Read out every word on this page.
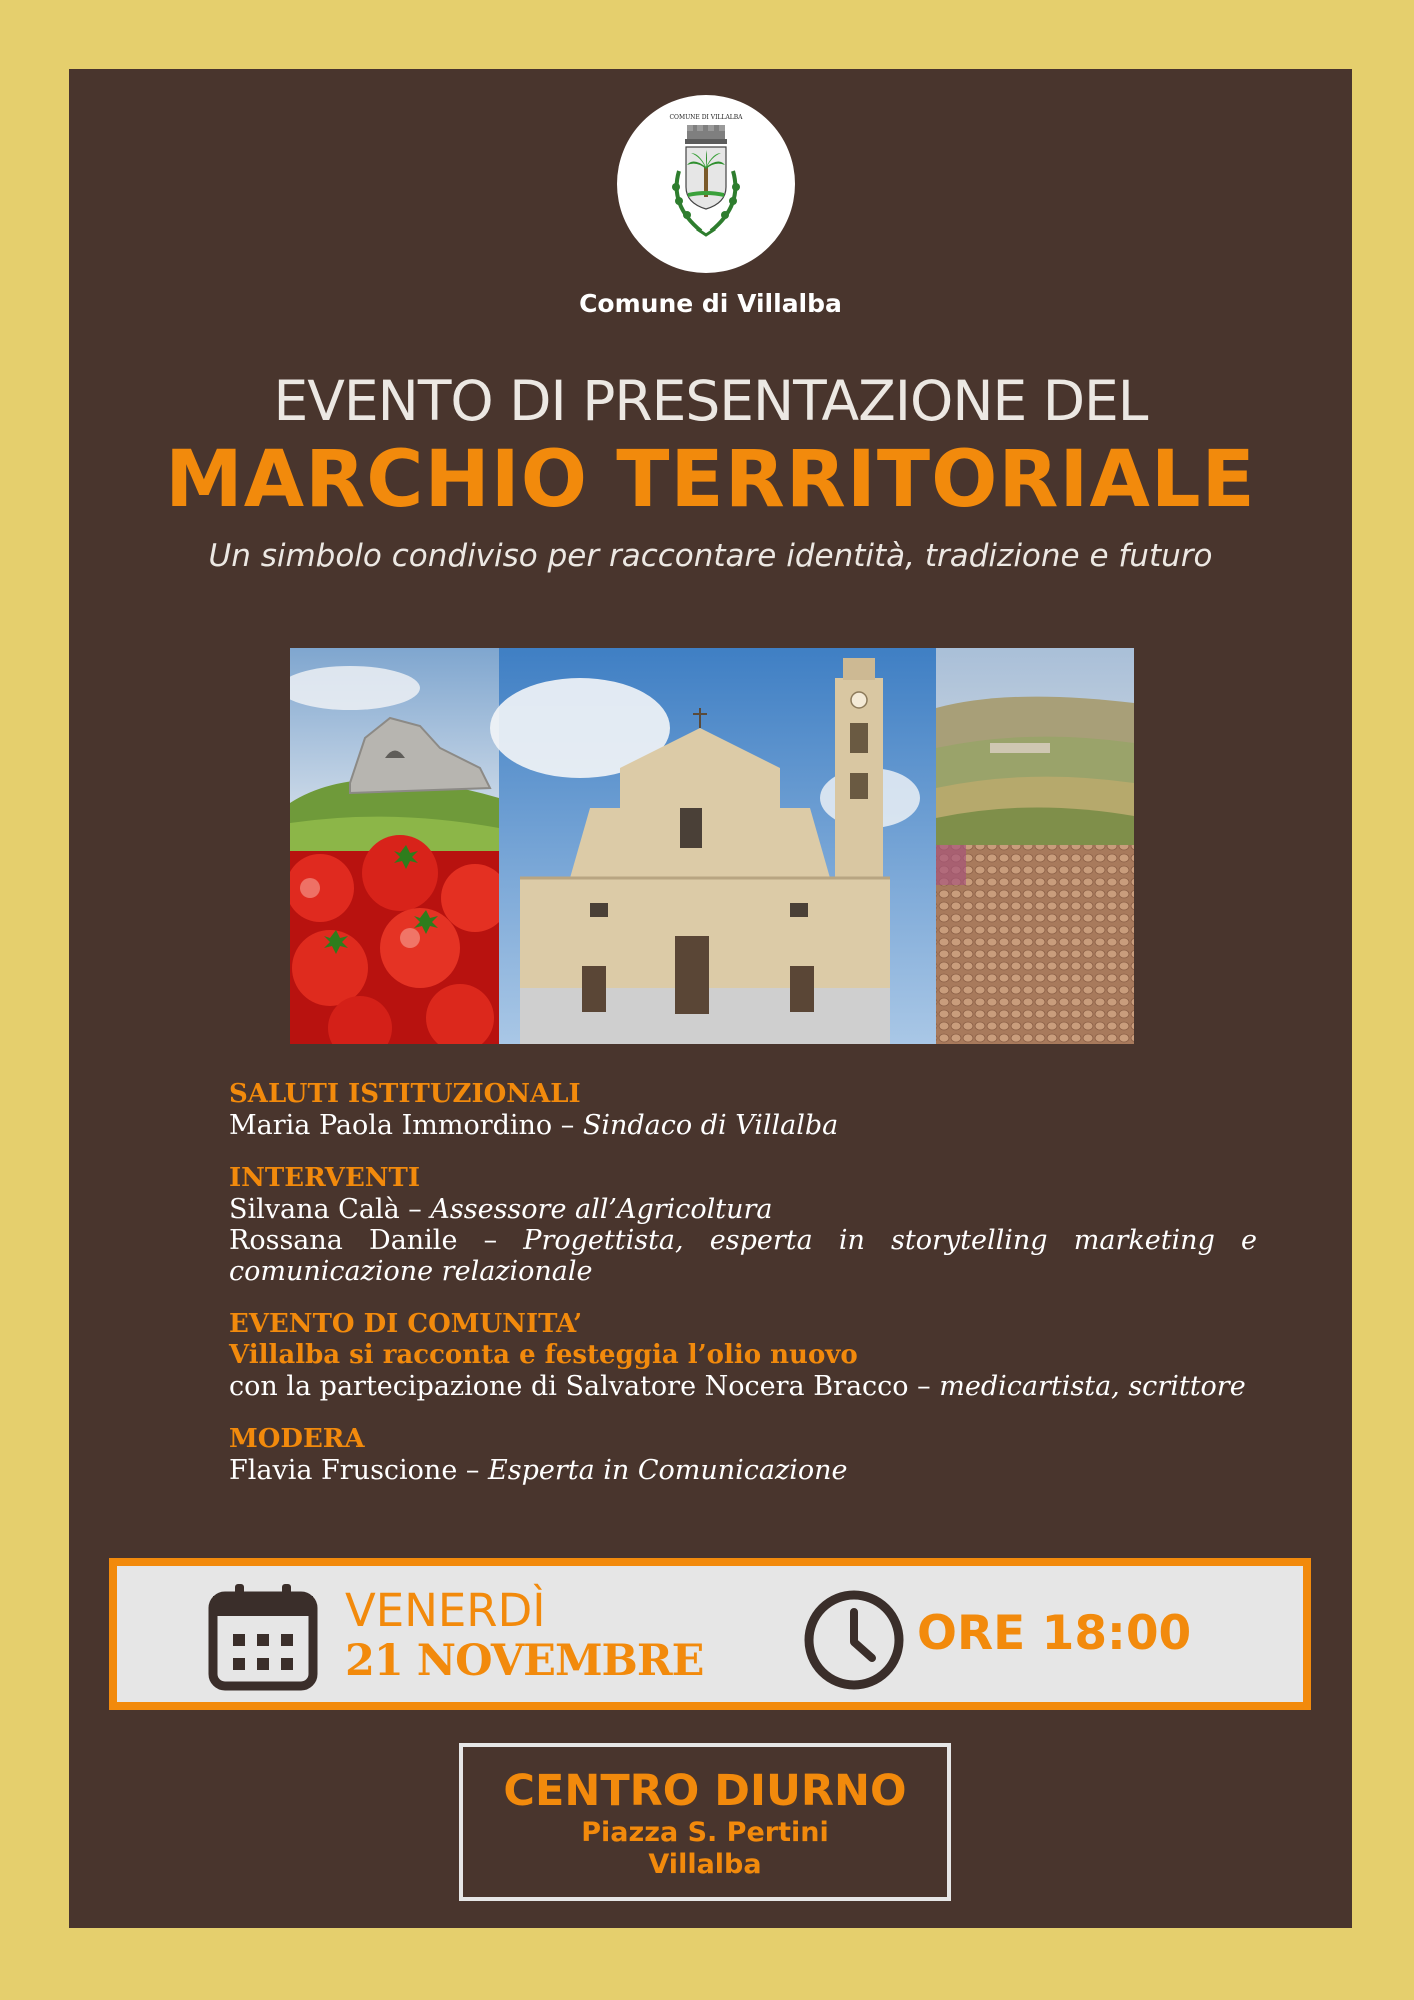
COMUNE DI VILLALBA
Comune di Villalba
EVENTO DI PRESENTAZIONE DEL
MARCHIO TERRITORIALE
Un simbolo condiviso per raccontare identità, tradizione e futuro
SALUTI ISTITUZIONALI
Maria Paola Immordino – Sindaco di Villalba
INTERVENTI
Silvana Calà – Assessore all’Agricoltura
Rossana Danile – Progettista, esperta in storytelling marketing e comunicazione relazionale
EVENTO DI COMUNITA’
Villalba si racconta e festeggia l’olio nuovo
con la partecipazione di Salvatore Nocera Bracco – medicartista, scrittore
MODERA
Flavia Fruscione – Esperta in Comunicazione
VENERDÌ
21 NOVEMBRE	ORE 18:00
CENTRO DIURNO
Piazza S. Pertini
Villalba
